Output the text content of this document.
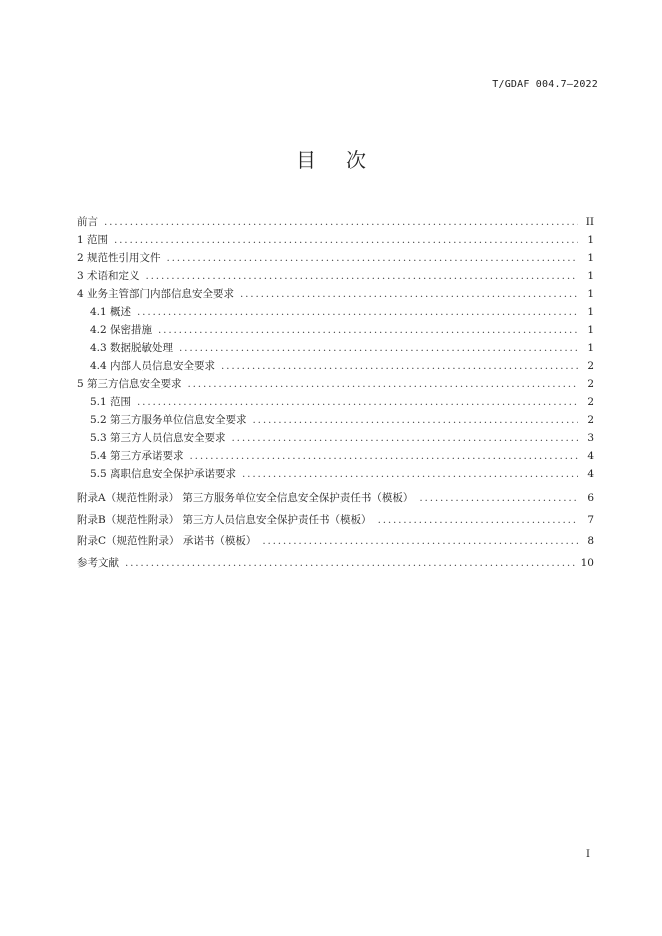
T/GDAF 004.7—2022
目 次
前言 .....	II
1 范围 .....	1
2 规范性引用文件 .....	1
3 术语和定义 .....	1
4 业务主管部门内部信息安全要求 .....	1
4.1 概述 .....	1
4.2 保密措施 .....	1
4.3 数据脱敏处理 .....	1
4.4 内部人员信息安全要求 .....	2
5 第三方信息安全要求 .....	2
5.1 范围 .....	2
5.2 第三方服务单位信息安全要求 .....	2
5.3 第三方人员信息安全要求 .....	3
5.4 第三方承诺要求 .....	4
5.5 离职信息安全保护承诺要求 .....	4
附录A（规范性附录） 第三方服务单位安全信息安全保护责任书（模板） .....	6
附录B（规范性附录） 第三方人员信息安全保护责任书（模板） .....	7
附录C（规范性附录） 承诺书（模板） .....	8
参考文献 .....	10
I
